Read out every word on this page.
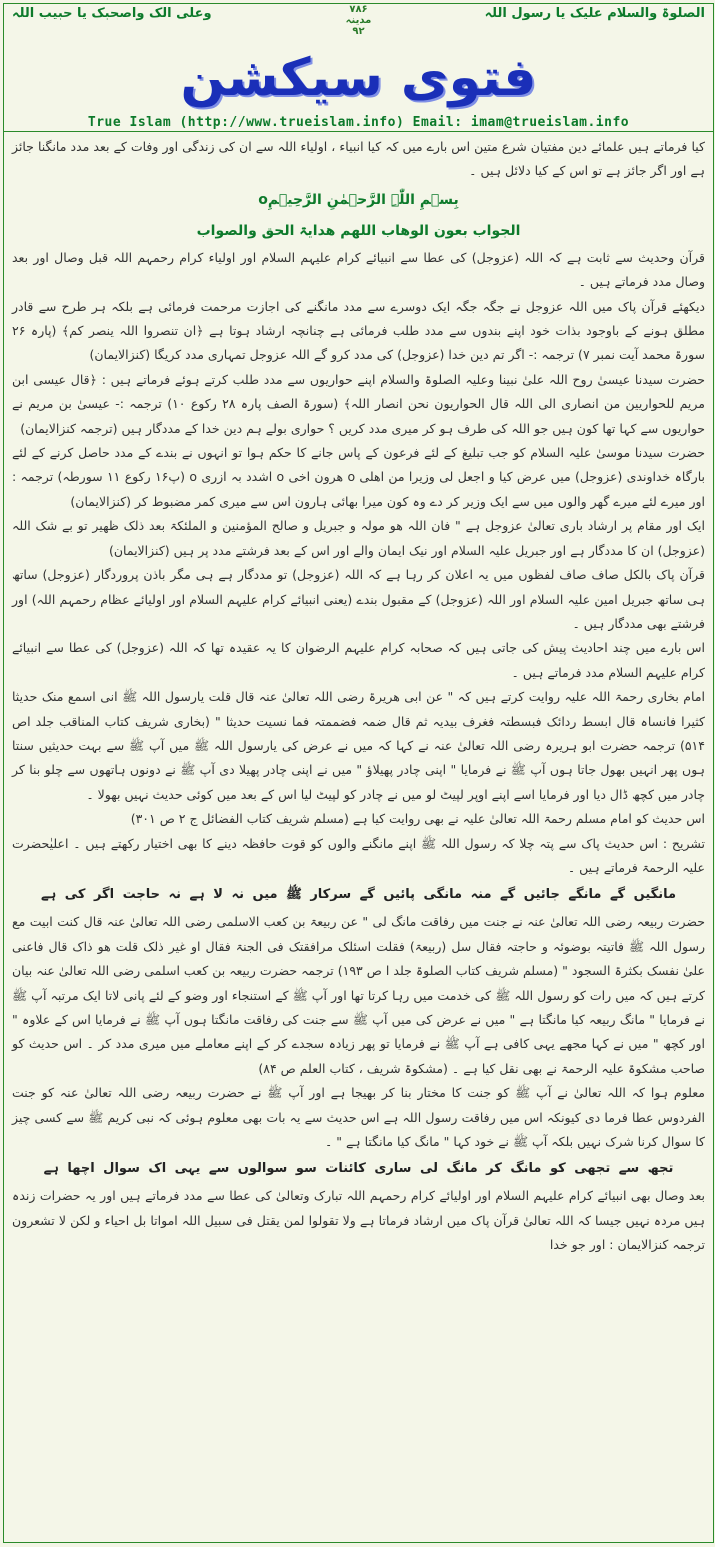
الصلوۃ والسلام علیک یا رسول اللہ
۷۸۶
مدینہ
۹۲
وعلی الک واصحبک یا حبیب اللہ
فتوی سیکشن
True Islam (http://www.trueislam.info) Email: imam@trueislam.info

کیا فرماتے ہیں علمائے دین مفتیان شرع متین اس بارے میں کہ کیا انبیاء ، اولیاء اللہ سے ان کی زندگی اور وفات کے بعد مدد مانگنا جائز ہے اور اگر جائز ہے تو اس کے کیا دلائل ہیں ۔

بِسۡمِ اللّٰہِ الرَّحۡمٰنِ الرَّحِیۡمِo

الجواب بعون الوھاب اللھم ھدایۃ الحق والصواب

قرآن وحدیث سے ثابت ہے کہ اللہ (عزوجل) کی عطا سے انبیائے کرام علیہم السلام اور اولیاء کرام رحمہم اللہ قبل وصال اور بعد وصال مدد فرماتے ہیں ۔

دیکھئے قرآن پاک میں اللہ عزوجل نے جگہ جگہ ایک دوسرے سے مدد مانگنے کی اجازت مرحمت فرمائی ہے بلکہ ہر طرح سے قادر مطلق ہونے کے باوجود بذات خود اپنے بندوں سے مدد طلب فرمائی ہے چنانچہ ارشاد ہوتا ہے ﴿ان تنصروا اللہ ینصر کم﴾ (پارہ ۲۶ سورۃ محمد آیت نمبر ۷) ترجمہ :- اگر تم دین خدا (عزوجل) کی مدد کرو گے اللہ عزوجل تمہاری مدد کریگا (کنزالایمان)

حضرت سیدنا عیسیٰ روح اللہ علیٰ نبینا وعلیہ الصلوۃ والسلام اپنے حواریوں سے مدد طلب کرتے ہوئے فرماتے ہیں : ﴿قال عیسی ابن مریم للحواریین من انصاری الی اللہ قال الحواریون نحن انصار اللہ﴾ (سورۃ الصف پارہ ۲۸ رکوع ۱۰) ترجمہ :- عیسیٰ بن مریم نے حواریوں سے کہا تھا کون ہیں جو اللہ کی طرف ہو کر میری مدد کریں ؟ حواری بولے ہم دین خدا کے مددگار ہیں (ترجمہ کنزالایمان)

حضرت سیدنا موسیٰ علیہ السلام کو جب تبلیغ کے لئے فرعون کے پاس جانے کا حکم ہوا تو انہوں نے بندے کے مدد حاصل کرنے کے لئے بارگاہ خداوندی (عزوجل) میں عرض کیا و اجعل لی وزیرا من اھلی o ھرون اخی o اشدد بہ ازری o (پ۱۶ رکوع ۱۱ سورطہ) ترجمہ : اور میرے لئے میرے گھر والوں میں سے ایک وزیر کر دے وہ کون میرا بھائی ہارون اس سے میری کمر مضبوط کر (کنزالایمان)

ایک اور مقام پر ارشاد باری تعالیٰ عزوجل ہے " فان اللہ ھو مولہ و جبریل و صالح المؤمنین و الملئکۃ بعد ذلک ظھیر تو بے شک اللہ (عزوجل) ان کا مددگار ہے اور جبریل علیہ السلام اور نیک ایمان والے اور اس کے بعد فرشتے مدد پر ہیں (کنزالایمان)

قرآن پاک بالکل صاف صاف لفظوں میں یہ اعلان کر رہا ہے کہ اللہ (عزوجل) تو مددگار ہے ہی مگر باذن پروردگار (عزوجل) ساتھ ہی ساتھ جبریل امین علیہ السلام اور اللہ (عزوجل) کے مقبول بندے (یعنی انبیائے کرام علیہم السلام اور اولیائے عظام رحمہم اللہ) اور فرشتے بھی مددگار ہیں ۔

اس بارے میں چند احادیث پیش کی جاتی ہیں کہ صحابہ کرام علیہم الرضوان کا یہ عقیدہ تھا کہ اللہ (عزوجل) کی عطا سے انبیائے کرام علیہم السلام مدد فرماتے ہیں ۔

امام بخاری رحمۃ اللہ علیہ روایت کرتے ہیں کہ " عن ابی ھریرۃ رضی اللہ تعالیٰ عنہ قال قلت یارسول اللہ ﷺ انی اسمع منک حدیثا کثیرا فانساہ قال ابسط ردائک فبسطتہ فغرف بیدیہ ثم قال ضمہ فضممتہ فما نسیت حدیثا " (بخاری شریف کتاب المناقب جلد اص ۵۱۴) ترجمہ حضرت ابو ہریرہ رضی اللہ تعالیٰ عنہ نے کہا کہ میں نے عرض کی یارسول اللہ ﷺ میں آپ ﷺ سے بہت حدیثیں سنتا ہوں پھر انہیں بھول جاتا ہوں آپ ﷺ نے فرمایا " اپنی چادر پھیلاؤ " میں نے اپنی چادر پھیلا دی آپ ﷺ نے دونوں ہاتھوں سے چلو بنا کر چادر میں کچھ ڈال دیا اور فرمایا اسے اپنے اوپر لپیٹ لو میں نے چادر کو لپیٹ لیا اس کے بعد میں کوئی حدیث نہیں بھولا ۔

اس حدیث کو امام مسلم رحمۃ اللہ تعالیٰ علیہ نے بھی روایت کیا ہے (مسلم شریف کتاب الفضائل ج ۲ ص ۳۰۱)

تشریح : اس حدیث پاک سے پتہ چلا کہ رسول اللہ ﷺ اپنے مانگنے والوں کو قوت حافظہ دینے کا بھی اختیار رکھتے ہیں ۔ اعلیٰحضرت علیہ الرحمۃ فرماتے ہیں ۔

مانگیں گے مانگے جائیں گے منہ مانگی پائیں گے سرکار ﷺ میں نہ لا ہے نہ حاجت اگر کی ہے

حضرت ربیعہ رضی اللہ تعالیٰ عنہ نے جنت میں رفاقت مانگ لی " عن ربیعۃ بن کعب الاسلمی رضی اللہ تعالیٰ عنہ قال کنت ابیت مع رسول اللہ ﷺ فاتیتہ بوضوئہ و حاجتہ فقال سل (ربیعۃ) فقلت اسئلک مرافقتک فی الجنۃ فقال او غیر ذلک قلت ھو ذاک قال فاعنی علیٰ نفسک بکثرۃ السجود " (مسلم شریف کتاب الصلوۃ جلد ا ص ۱۹۳) ترجمہ حضرت ربیعہ بن کعب اسلمی رضی اللہ تعالیٰ عنہ بیان کرتے ہیں کہ میں رات کو رسول اللہ ﷺ کی خدمت میں رہا کرتا تھا اور آپ ﷺ کے استنجاء اور وضو کے لئے پانی لاتا ایک مرتبہ آپ ﷺ نے فرمایا " مانگ ربیعہ کیا مانگتا ہے " میں نے عرض کی میں آپ ﷺ سے جنت کی رفاقت مانگتا ہوں آپ ﷺ نے فرمایا اس کے علاوہ " اور کچھ " میں نے کہا مجھے یہی کافی ہے آپ ﷺ نے فرمایا تو پھر زیادہ سجدے کر کے اپنے معاملے میں میری مدد کر ۔ اس حدیث کو صاحب مشکوۃ علیہ الرحمۃ نے بھی نقل کیا ہے ۔ (مشکوۃ شریف ، کتاب العلم ص ۸۴)

معلوم ہوا کہ اللہ تعالیٰ نے آپ ﷺ کو جنت کا مختار بنا کر بھیجا ہے اور آپ ﷺ نے حضرت ربیعہ رضی اللہ تعالیٰ عنہ کو جنت الفردوس عطا فرما دی کیونکہ اس میں رفاقت رسول اللہ ہے اس حدیث سے یہ بات بھی معلوم ہوئی کہ نبی کریم ﷺ سے کسی چیز کا سوال کرنا شرک نہیں بلکہ آپ ﷺ نے خود کہا " مانگ کیا مانگتا ہے " ۔

تجھ سے تجھی کو مانگ کر مانگ لی ساری کائنات سو سوالوں سے یہی اک سوال اچھا ہے

بعد وصال بھی انبیائے کرام علیہم السلام اور اولیائے کرام رحمہم اللہ تبارک وتعالیٰ کی عطا سے مدد فرماتے ہیں اور یہ حضرات زندہ ہیں مردہ نہیں جیسا کہ اللہ تعالیٰ قرآن پاک میں ارشاد فرماتا ہے ولا تقولوا لمن یقتل فی سبیل اللہ امواتا بل احیاء و لکن لا تشعرون ترجمہ کنزالایمان : اور جو خدا
